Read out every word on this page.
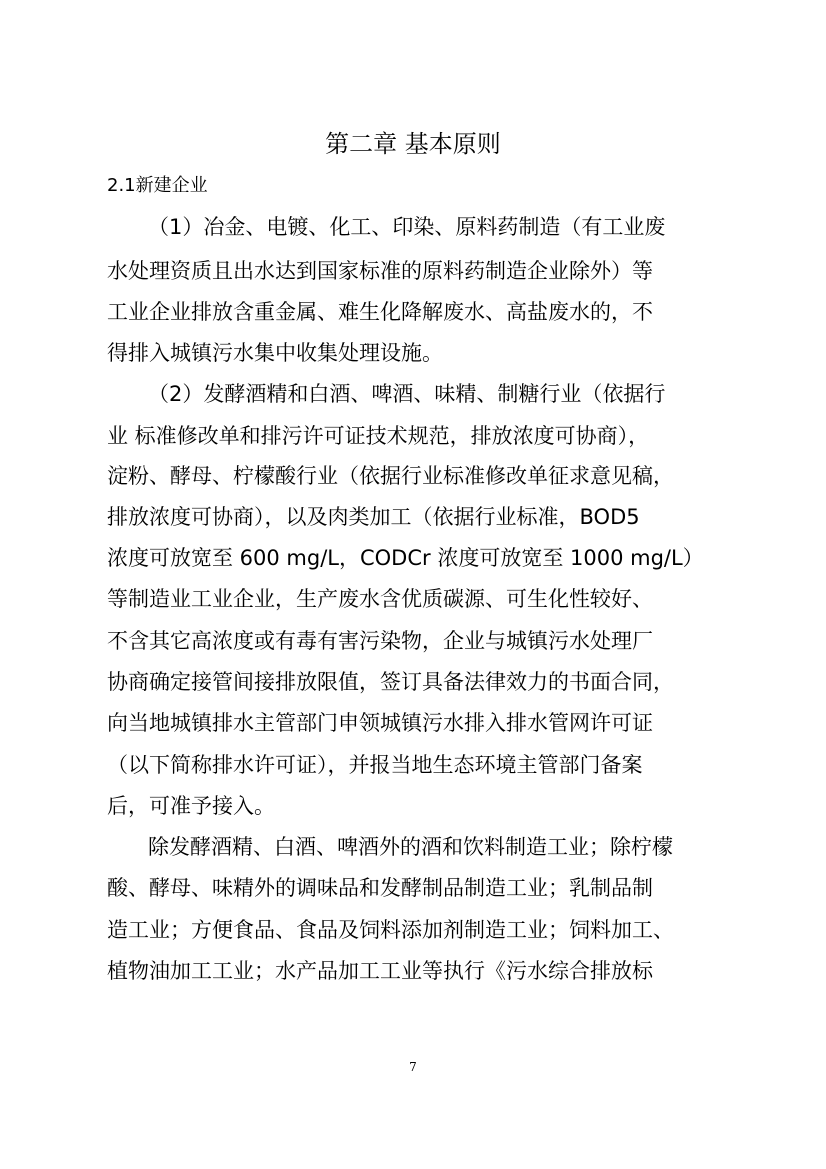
第二章 基本原则
2.1新建企业

（1）冶金、电镀、化工、印染、原料药制造（有工业废

水处理资质且出水达到国家标准的原料药制造企业除外）等

工业企业排放含重金属、难生化降解废水、高盐废水的，不

得排入城镇污水集中收集处理设施。

（2）发酵酒精和白酒、啤酒、味精、制糖行业（依据行

业 标准修改单和排污许可证技术规范，排放浓度可协商），

淀粉、酵母、柠檬酸行业（依据行业标准修改单征求意见稿，

排放浓度可协商），以及肉类加工（依据行业标准，BOD5

浓度可放宽至 600 mg/L，CODCr 浓度可放宽至 1000 mg/L）

等制造业工业企业，生产废水含优质碳源、可生化性较好、

不含其它高浓度或有毒有害污染物，企业与城镇污水处理厂

协商确定接管间接排放限值，签订具备法律效力的书面合同，

向当地城镇排水主管部门申领城镇污水排入排水管网许可证

（以下简称排水许可证），并报当地生态环境主管部门备案

后，可准予接入。

除发酵酒精、白酒、啤酒外的酒和饮料制造工业；除柠檬

酸、酵母、味精外的调味品和发酵制品制造工业；乳制品制

造工业；方便食品、食品及饲料添加剂制造工业；饲料加工、

植物油加工工业；水产品加工工业等执行《污水综合排放标

7
